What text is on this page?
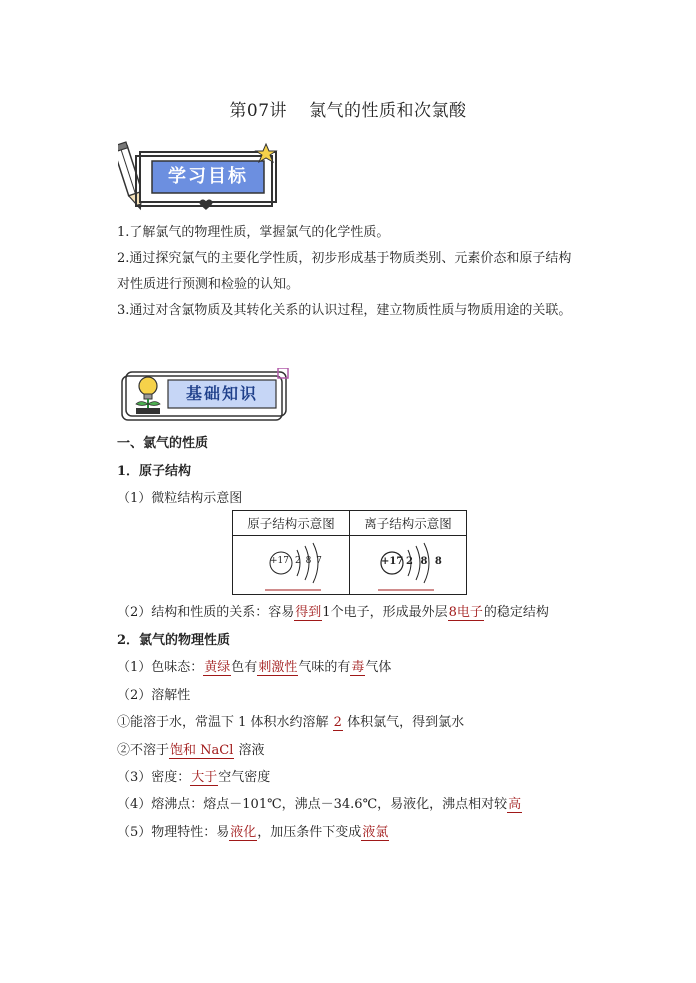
第07讲 氯气的性质和次氯酸
学习目标
1.了解氯气的物理性质，掌握氯气的化学性质。
2.通过探究氯气的主要化学性质，初步形成基于物质类别、元素价态和原子结构对性质进行预测和检验的认知。
3.通过对含氯物质及其转化关系的认识过程，建立物质性质与物质用途的关联。
基础知识
一、氯气的性质
1．原子结构
（1）微粒结构示意图
原子结构示意图	离子结构示意图

+17 2 8 7	+17 2 8 8
（2）结构和性质的关系：容易得到1个电子，形成最外层8电子的稳定结构
2．氯气的物理性质
（1）色味态：黄绿色有刺激性气味的有毒气体
（2）溶解性
①能溶于水，常温下 1 体积水约溶解 2 体积氯气，得到氯水
②不溶于饱和 NaCl 溶液
（3）密度：大于空气密度
（4）熔沸点：熔点－101℃，沸点－34.6℃，易液化，沸点相对较高
（5）物理特性：易液化，加压条件下变成液氯
